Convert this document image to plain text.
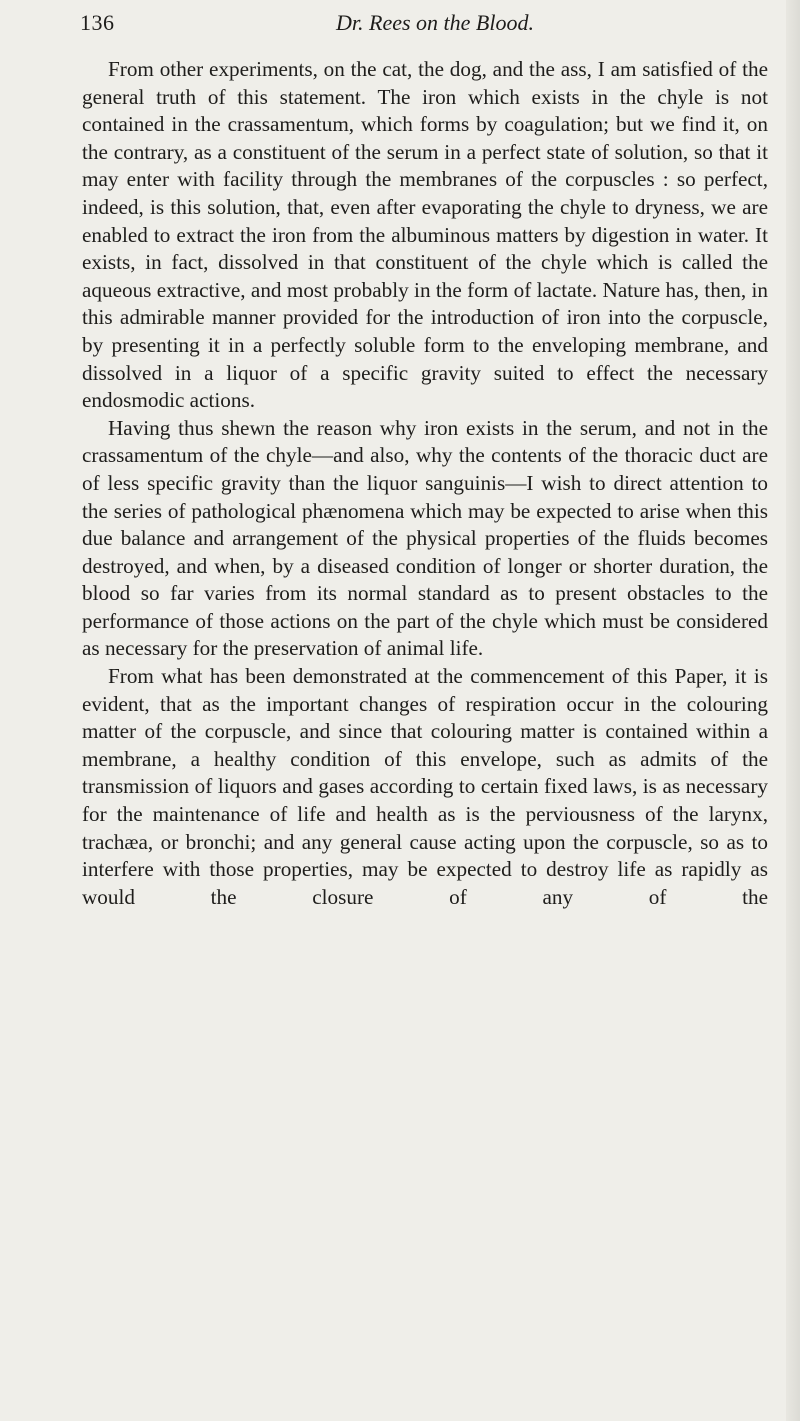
136	Dr. Rees on the Blood.

From other experiments, on the cat, the dog, and the ass, I am satisfied of the general truth of this statement. The iron which exists in the chyle is not contained in the crassamentum, which forms by coagulation; but we find it, on the contrary, as a constituent of the serum in a perfect state of solution, so that it may enter with facility through the membranes of the corpuscles : so perfect, indeed, is this solution, that, even after evaporating the chyle to dryness, we are enabled to extract the iron from the albuminous matters by digestion in water. It exists, in fact, dissolved in that constituent of the chyle which is called the aqueous extractive, and most probably in the form of lactate. Nature has, then, in this admirable manner provided for the introduction of iron into the corpuscle, by presenting it in a perfectly soluble form to the enveloping membrane, and dissolved in a liquor of a specific gravity suited to effect the necessary endosmodic actions.

Having thus shewn the reason why iron exists in the serum, and not in the crassamentum of the chyle—and also, why the contents of the thoracic duct are of less specific gravity than the liquor sanguinis—I wish to direct attention to the series of pathological phænomena which may be expected to arise when this due balance and arrangement of the physical properties of the fluids becomes destroyed, and when, by a diseased condition of longer or shorter duration, the blood so far varies from its normal standard as to present obstacles to the performance of those actions on the part of the chyle which must be considered as necessary for the preservation of animal life.

From what has been demonstrated at the commencement of this Paper, it is evident, that as the important changes of respiration occur in the colouring matter of the corpuscle, and since that colouring matter is contained within a membrane, a healthy condition of this envelope, such as admits of the transmission of liquors and gases according to certain fixed laws, is as necessary for the maintenance of life and health as is the perviousness of the larynx, trachæa, or bronchi; and any general cause acting upon the corpuscle, so as to interfere with those properties, may be expected to destroy life as rapidly as would the closure of any of the
